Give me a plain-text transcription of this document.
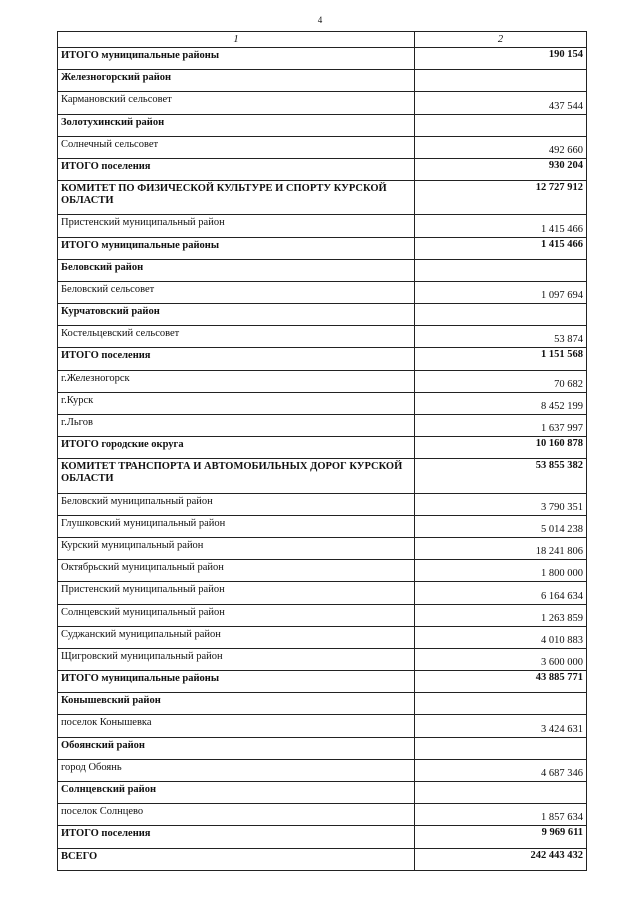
4
1	2
ИТОГО муниципальные районы	190 154
Железногорский район	
Кармановский сельсовет	437 544
Золотухинский район	
Солнечный сельсовет	492 660
ИТОГО поселения	930 204
КОМИТЕТ ПО ФИЗИЧЕСКОЙ КУЛЬТУРЕ И СПОРТУ КУРСКОЙ ОБЛАСТИ	12 727 912
Пристенский муниципальный район	1 415 466
ИТОГО муниципальные районы	1 415 466
Беловский район	
Беловский сельсовет	1 097 694
Курчатовский район	
Костельцевский сельсовет	53 874
ИТОГО поселения	1 151 568
г.Железногорск	70 682
г.Курск	8 452 199
г.Льгов	1 637 997
ИТОГО городские округа	10 160 878
КОМИТЕТ ТРАНСПОРТА И АВТОМОБИЛЬНЫХ ДОРОГ КУРСКОЙ ОБЛАСТИ	53 855 382
Беловский муниципальный район	3 790 351
Глушковский муниципальный район	5 014 238
Курский муниципальный район	18 241 806
Октябрьский муниципальный район	1 800 000
Пристенский муниципальный район	6 164 634
Солнцевский муниципальный район	1 263 859
Суджанский муниципальный район	4 010 883
Щигровский муниципальный район	3 600 000
ИТОГО муниципальные районы	43 885 771
Конышевский район	
поселок Конышевка	3 424 631
Обоянский район	
город Обоянь	4 687 346
Солнцевский район	
поселок Солнцево	1 857 634
ИТОГО поселения	9 969 611
ВСЕГО	242 443 432
